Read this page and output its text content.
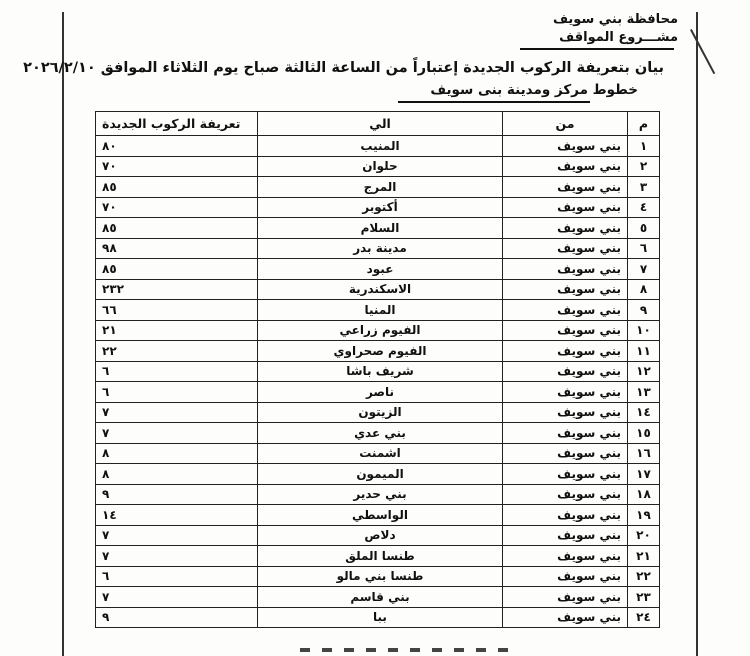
محافظة بني سويف
مشـــروع المواقف
بيان بتعريفة الركوب الجديدة إعتباراً من الساعة الثالثة صباح يوم الثلاثاء الموافق ٢٠٢٦/٢/١٠
خطوط مركز ومدينة بنى سويف
م	من	الي	تعريفة الركوب الجديدة
١	بني سويف	المنيب	٨٠
٢	بني سويف	حلوان	٧٠
٣	بني سويف	المرج	٨٥
٤	بني سويف	أكتوبر	٧٠
٥	بني سويف	السلام	٨٥
٦	بني سويف	مدينة بدر	٩٨
٧	بني سويف	عبود	٨٥
٨	بني سويف	الاسكندرية	٢٣٢
٩	بني سويف	المنيا	٦٦
١٠	بني سويف	الفيوم زراعي	٢١
١١	بني سويف	الفيوم صحراوي	٢٢
١٢	بني سويف	شريف باشا	٦
١٣	بني سويف	ناصر	٦
١٤	بني سويف	الزيتون	٧
١٥	بني سويف	بني عدي	٧
١٦	بني سويف	اشمنت	٨
١٧	بني سويف	الميمون	٨
١٨	بني سويف	بني حدير	٩
١٩	بني سويف	الواسطي	١٤
٢٠	بني سويف	دلاص	٧
٢١	بني سويف	طنسا الملق	٧
٢٢	بني سويف	طنسا بني مالو	٦
٢٣	بني سويف	بني قاسم	٧
٢٤	بني سويف	ببا	٩
